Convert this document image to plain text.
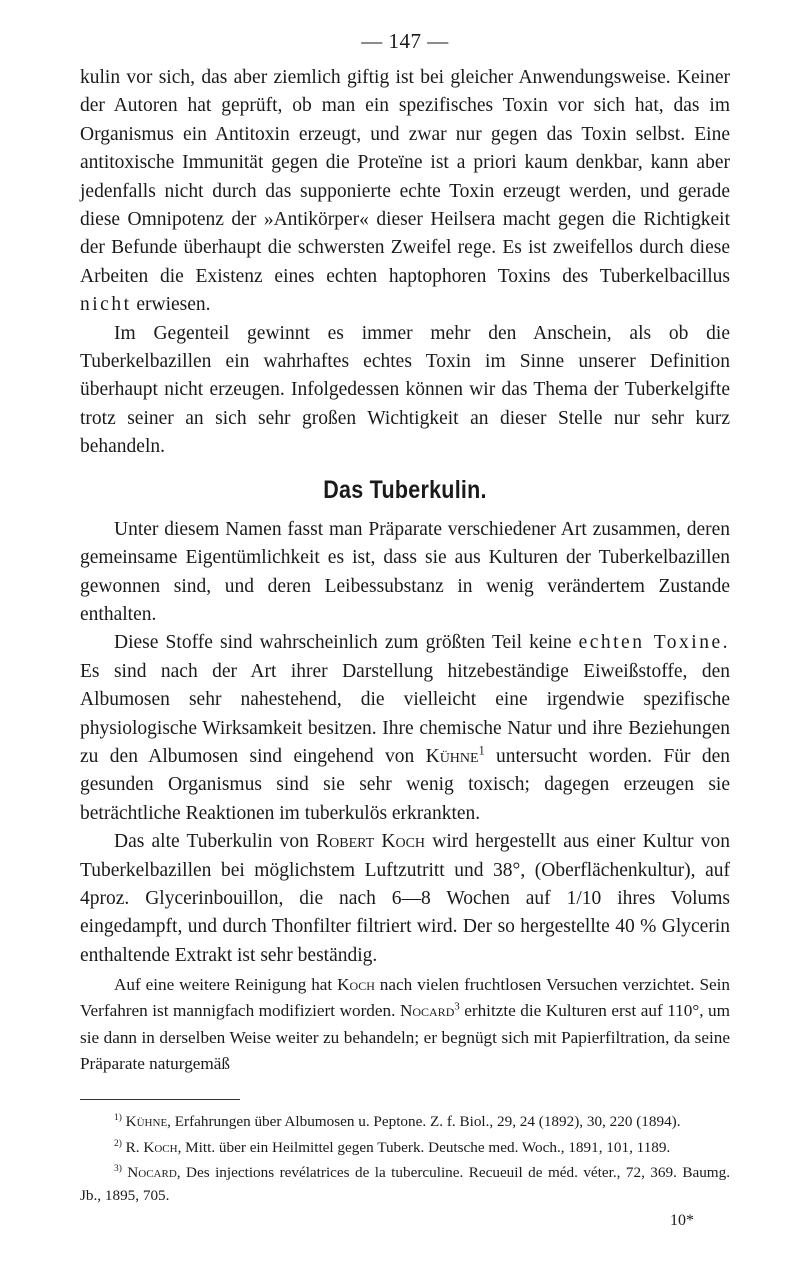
— 147 —

kulin vor sich, das aber ziemlich giftig ist bei gleicher Anwendungsweise. Keiner der Autoren hat geprüft, ob man ein spezifisches Toxin vor sich hat, das im Organismus ein Antitoxin erzeugt, und zwar nur gegen das Toxin selbst. Eine antitoxische Immunität gegen die Proteïne ist a priori kaum denkbar, kann aber jedenfalls nicht durch das supponierte echte Toxin erzeugt werden, und gerade diese Omnipotenz der »Antikörper« dieser Heilsera macht gegen die Richtigkeit der Befunde überhaupt die schwersten Zweifel rege. Es ist zweifellos durch diese Arbeiten die Existenz eines echten haptophoren Toxins des Tuberkelbacillus nicht erwiesen.

Im Gegenteil gewinnt es immer mehr den Anschein, als ob die Tuberkelbazillen ein wahrhaftes echtes Toxin im Sinne unserer Definition überhaupt nicht erzeugen. Infolgedessen können wir das Thema der Tuberkelgifte trotz seiner an sich sehr großen Wichtigkeit an dieser Stelle nur sehr kurz behandeln.

Das Tuberkulin.

Unter diesem Namen fasst man Präparate verschiedener Art zusammen, deren gemeinsame Eigentümlichkeit es ist, dass sie aus Kulturen der Tuberkelbazillen gewonnen sind, und deren Leibessubstanz in wenig verändertem Zustande enthalten.

Diese Stoffe sind wahrscheinlich zum größten Teil keine echten Toxine. Es sind nach der Art ihrer Darstellung hitzebeständige Eiweißstoffe, den Albumosen sehr nahestehend, die vielleicht eine irgendwie spezifische physiologische Wirksamkeit besitzen. Ihre chemische Natur und ihre Beziehungen zu den Albumosen sind eingehend von Kühne$^1$ untersucht worden. Für den gesunden Organismus sind sie sehr wenig toxisch; dagegen erzeugen sie beträchtliche Reaktionen im tuberkulös erkrankten.

Das alte Tuberkulin von Robert Koch wird hergestellt aus einer Kultur von Tuberkelbazillen bei möglichstem Luftzutritt und 38°, (Oberflächenkultur), auf 4proz. Glycerinbouillon, die nach 6—8 Wochen auf 1/10 ihres Volums eingedampft, und durch Thonfilter filtriert wird. Der so hergestellte 40 % Glycerin enthaltende Extrakt ist sehr beständig.

Auf eine weitere Reinigung hat Koch nach vielen fruchtlosen Versuchen verzichtet. Sein Verfahren ist mannigfach modifiziert worden. Nocard$^3$ erhitzte die Kulturen erst auf 110°, um sie dann in derselben Weise weiter zu behandeln; er begnügt sich mit Papierfiltration, da seine Präparate naturgemäß

$^{1)}$ Kühne, Erfahrungen über Albumosen u. Peptone. Z. f. Biol., 29, 24 (1892), 30, 220 (1894).

$^{2)}$ R. Koch, Mitt. über ein Heilmittel gegen Tuberk. Deutsche med. Woch., 1891, 101, 1189.

$^{3)}$ Nocard, Des injections revélatrices de la tuberculine. Recueuil de méd. véter., 72, 369. Baumg. Jb., 1895, 705.

10*
